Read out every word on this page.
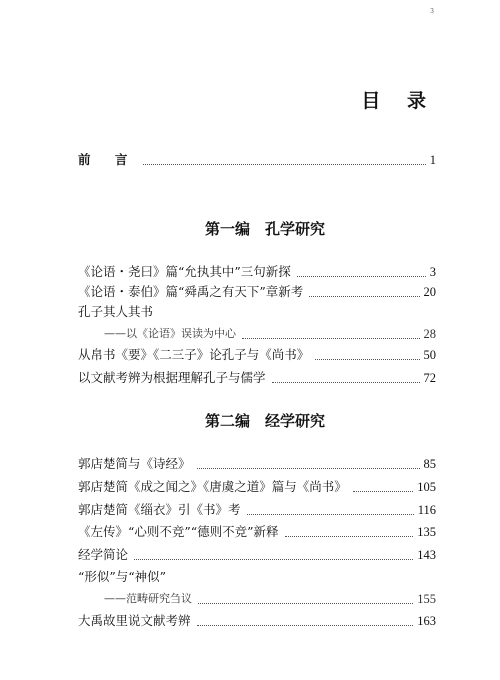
3
目 录
前 言	1
第一编　孔学研究
《论语・尧曰》篇“允执其中”三句新探	3
《论语・泰伯》篇“舜禹之有天下”章新考	20
孔子其人其书
——以《论语》误读为中心	28
从帛书《要》《二三子》论孔子与《尚书》	50
以文献考辨为根据理解孔子与儒学	72
第二编　经学研究
郭店楚简与《诗经》	85
郭店楚简《成之闻之》《唐虞之道》篇与《尚书》	105
郭店楚简《缁衣》引《书》考	116
《左传》“心则不竞”“德则不竞”新释	135
经学简论	143
“形似”与“神似”
——范畴研究刍议	155
大禹故里说文献考辨	163
